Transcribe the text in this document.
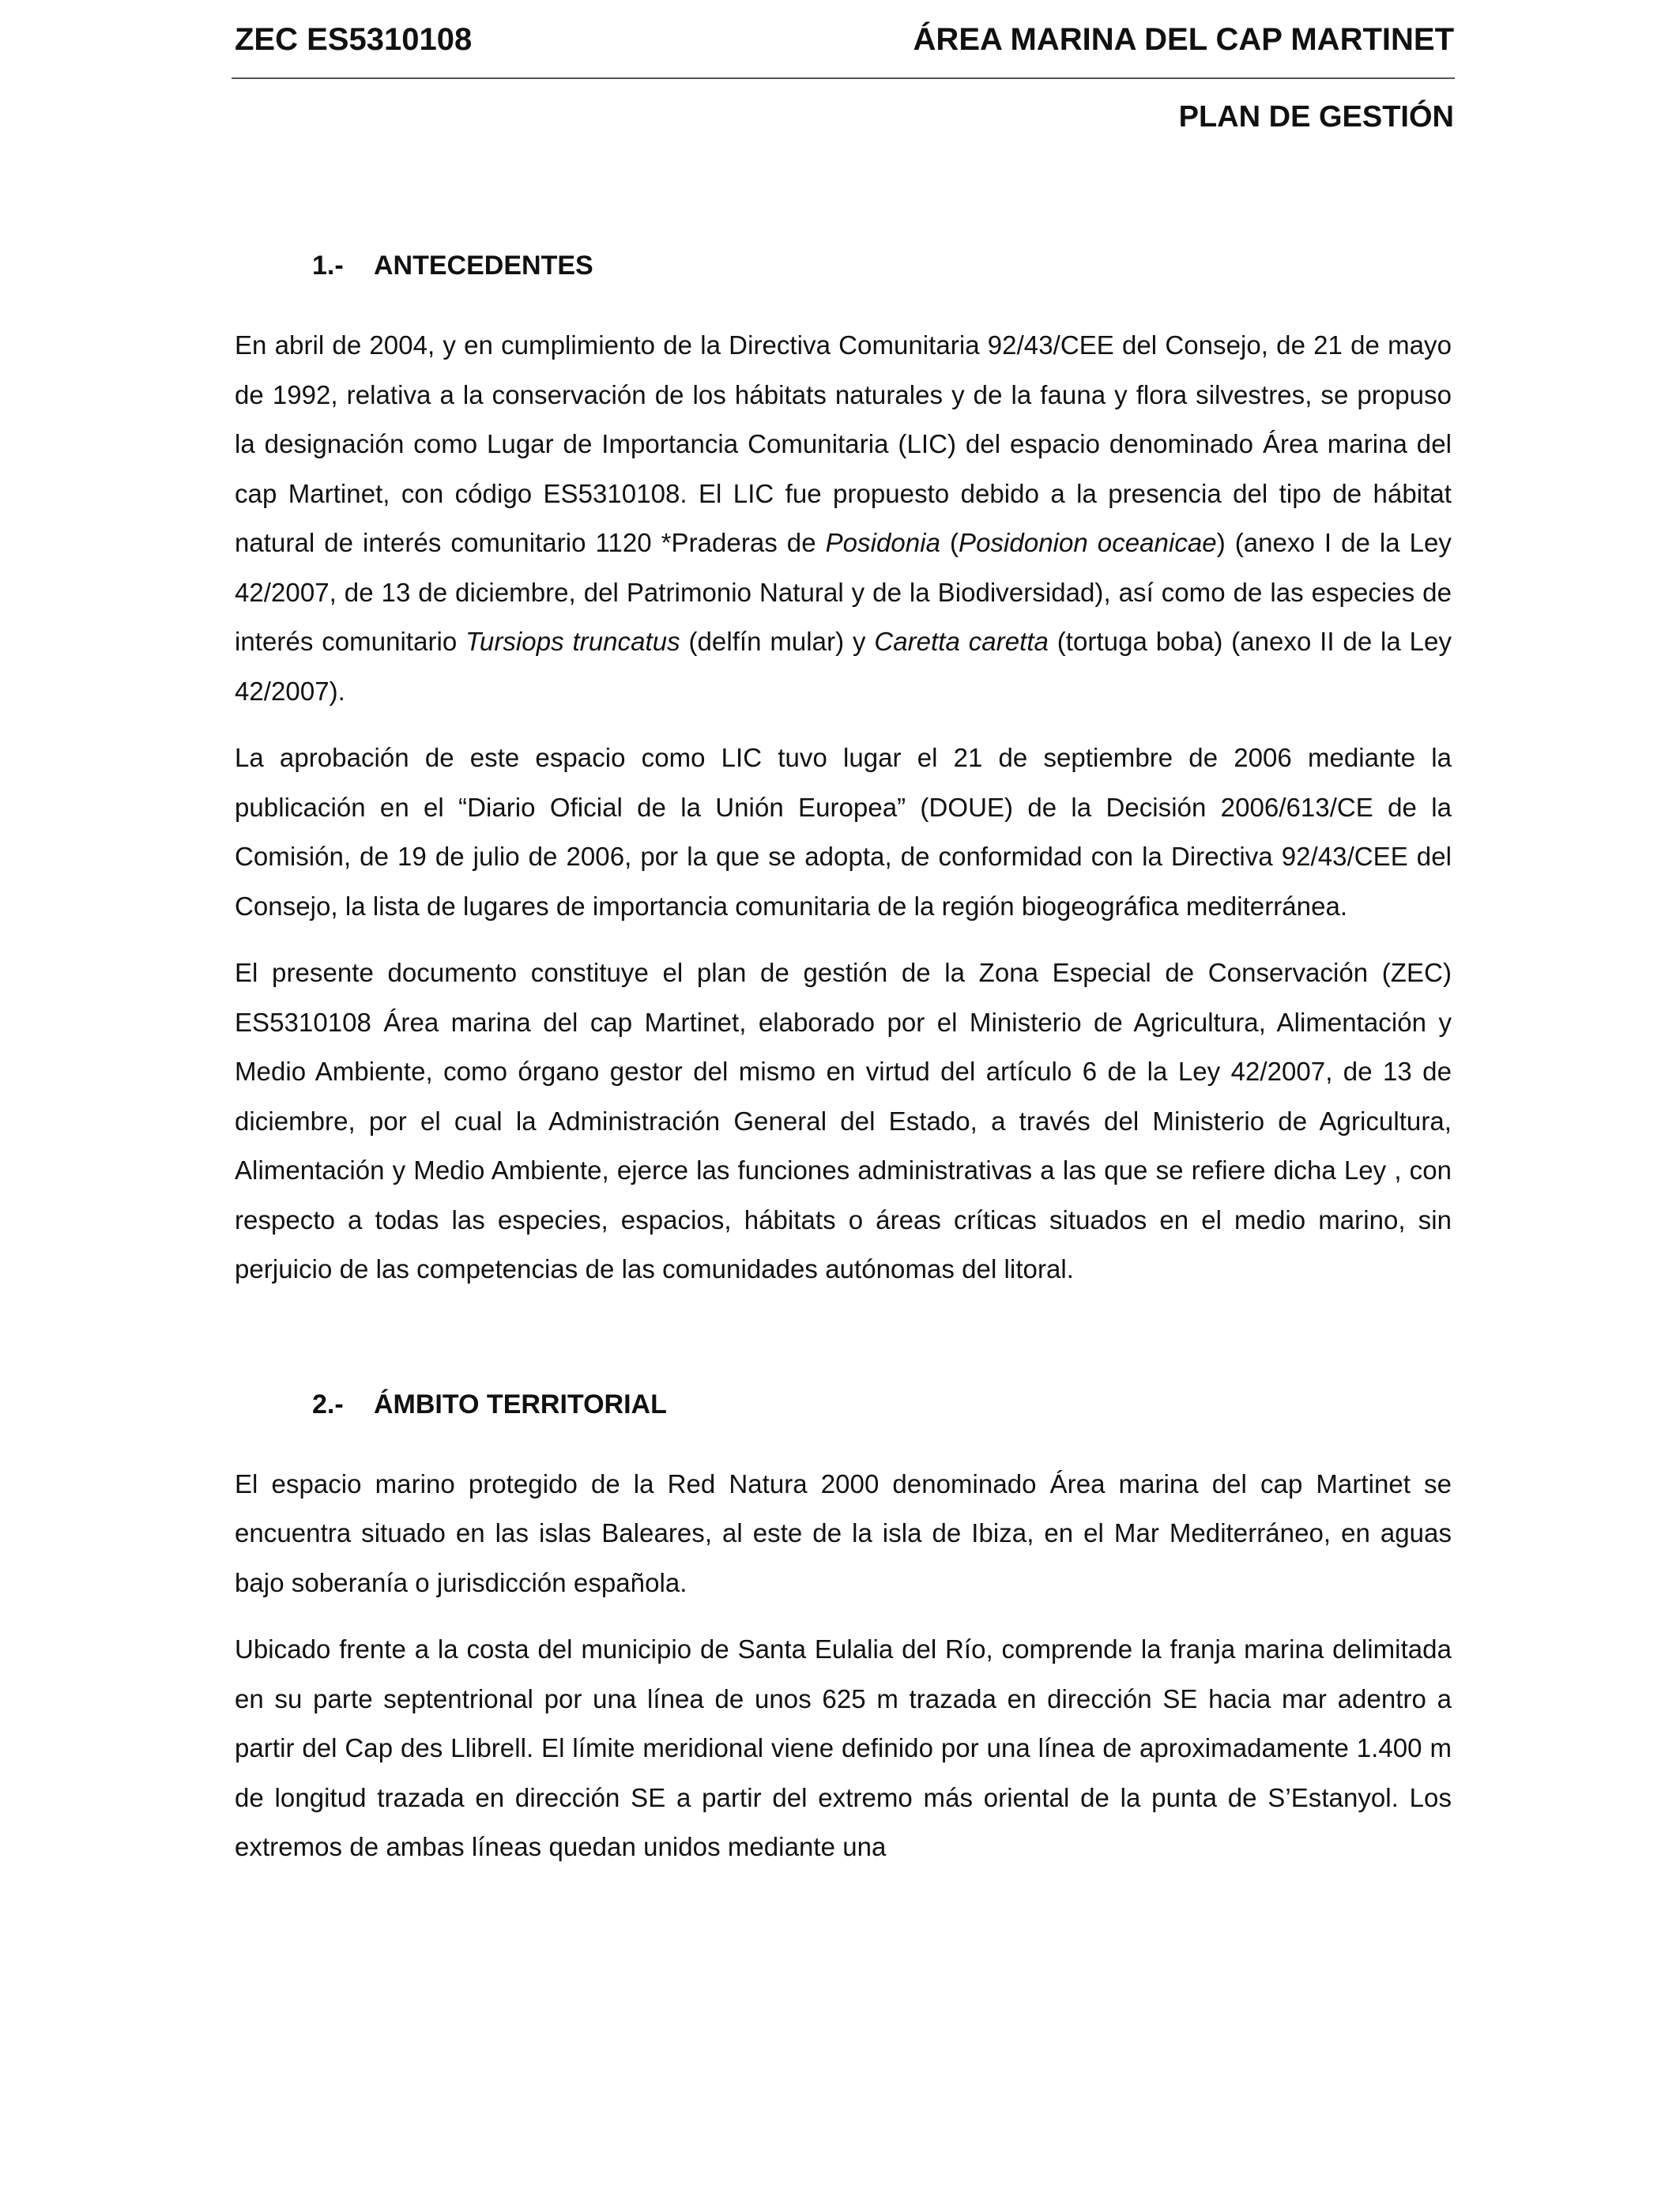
ZEC ES5310108	ÁREA MARINA DEL CAP MARTINET
PLAN DE GESTIÓN
1.- ANTECEDENTES

En abril de 2004, y en cumplimiento de la Directiva Comunitaria 92/43/CEE del Consejo, de 21 de mayo de 1992, relativa a la conservación de los hábitats naturales y de la fauna y flora silvestres, se propuso la designación como Lugar de Importancia Comunitaria (LIC) del espacio denominado Área marina del cap Martinet, con código ES5310108. El LIC fue propuesto debido a la presencia del tipo de hábitat natural de interés comunitario 1120 *Praderas de Posidonia (Posidonion oceanicae) (anexo I de la Ley 42/2007, de 13 de diciembre, del Patrimonio Natural y de la Biodiversidad), así como de las especies de interés comunitario Tursiops truncatus (delfín mular) y Caretta caretta (tortuga boba) (anexo II de la Ley 42/2007).

La aprobación de este espacio como LIC tuvo lugar el 21 de septiembre de 2006 mediante la publicación en el “Diario Oficial de la Unión Europea” (DOUE) de la Decisión 2006/613/CE de la Comisión, de 19 de julio de 2006, por la que se adopta, de conformidad con la Directiva 92/43/CEE del Consejo, la lista de lugares de importancia comunitaria de la región biogeográfica mediterránea.

El presente documento constituye el plan de gestión de la Zona Especial de Conservación (ZEC) ES5310108 Área marina del cap Martinet, elaborado por el Ministerio de Agricultura, Alimentación y Medio Ambiente, como órgano gestor del mismo en virtud del artículo 6 de la Ley 42/2007, de 13 de diciembre, por el cual la Administración General del Estado, a través del Ministerio de Agricultura, Alimentación y Medio Ambiente, ejerce las funciones administrativas a las que se refiere dicha Ley , con respecto a todas las especies, espacios, hábitats o áreas críticas situados en el medio marino, sin perjuicio de las competencias de las comunidades autónomas del litoral.

2.- ÁMBITO TERRITORIAL

El espacio marino protegido de la Red Natura 2000 denominado Área marina del cap Martinet se encuentra situado en las islas Baleares, al este de la isla de Ibiza, en el Mar Mediterráneo, en aguas bajo soberanía o jurisdicción española.

Ubicado frente a la costa del municipio de Santa Eulalia del Río, comprende la franja marina delimitada en su parte septentrional por una línea de unos 625 m trazada en dirección SE hacia mar adentro a partir del Cap des Llibrell. El límite meridional viene definido por una línea de aproximadamente 1.400 m de longitud trazada en dirección SE a partir del extremo más oriental de la punta de S’Estanyol. Los extremos de ambas líneas quedan unidos mediante una
